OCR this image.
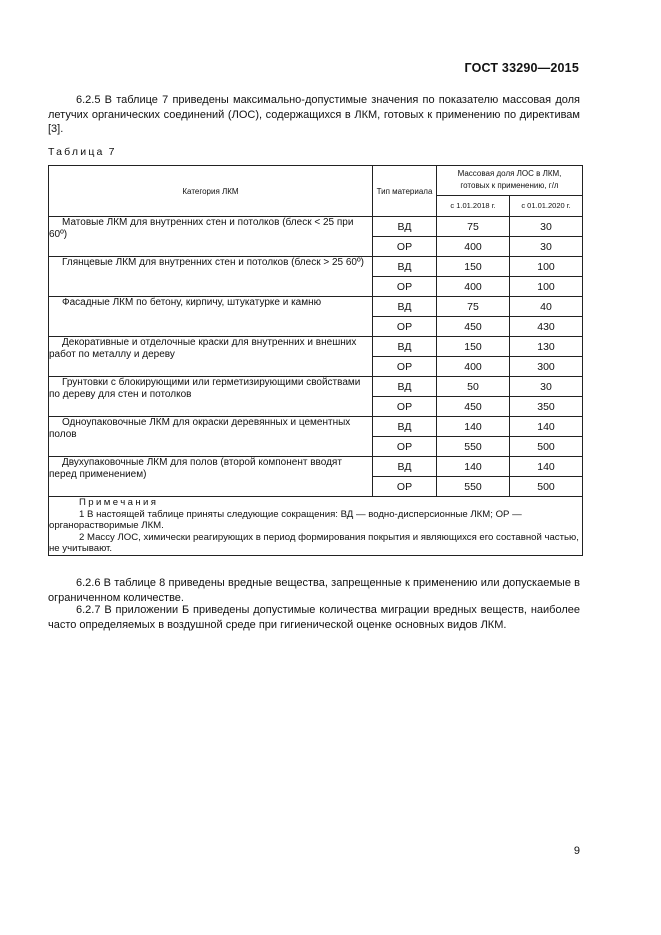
ГОСТ 33290—2015
6.2.5 В таблице 7 приведены максимально-допустимые значения по показателю массовая доля летучих органических соединений (ЛОС), содержащихся в ЛКМ, готовых к применению по директивам [3].
Таблица 7
Категория ЛКМ	Тип материала	Массовая доля ЛОС в ЛКМ, готовых к применению, г/л	

		с 1.01.2018 г.	с 01.01.2020 г.
Матовые ЛКМ для внутренних стен и потолков (блеск < 25 при 60º)	ВД	75	30
	ОР	400	30
Глянцевые ЛКМ для внутренних стен и потолков (блеск > 25 60º)	ВД	150	100
	ОР	400	100
Фасадные ЛКМ по бетону, кирпичу, штукатурке и камню	ВД	75	40
	ОР	450	430
Декоративные и отделочные краски для внутренних и внешних работ по металлу и дереву	ВД	150	130
	ОР	400	300
Грунтовки с блокирующими или герметизирующими свойствами по дереву для стен и потолков	ВД	50	30
	ОР	450	350
Одноупаковочные ЛКМ для окраски деревянных и цементных полов	ВД	140	140
	ОР	550	500
Двухупаковочные ЛКМ для полов (второй компонент вводят перед применением)	ВД	140	140
	ОР	550	500

Примечания
1 В настоящей таблице приняты следующие сокращения: ВД — водно-дисперсионные ЛКМ; ОР — органорастворимые ЛКМ.
2 Массу ЛОС, химически реагирующих в период формирования покрытия и являющихся его составной частью, не учитывают.			
6.2.6 В таблице 8 приведены вредные вещества, запрещенные к применению или допускаемые в ограниченном количестве.
6.2.7 В приложении Б приведены допустимые количества миграции вредных веществ, наиболее часто определяемых в воздушной среде при гигиенической оценке основных видов ЛКМ.
9
